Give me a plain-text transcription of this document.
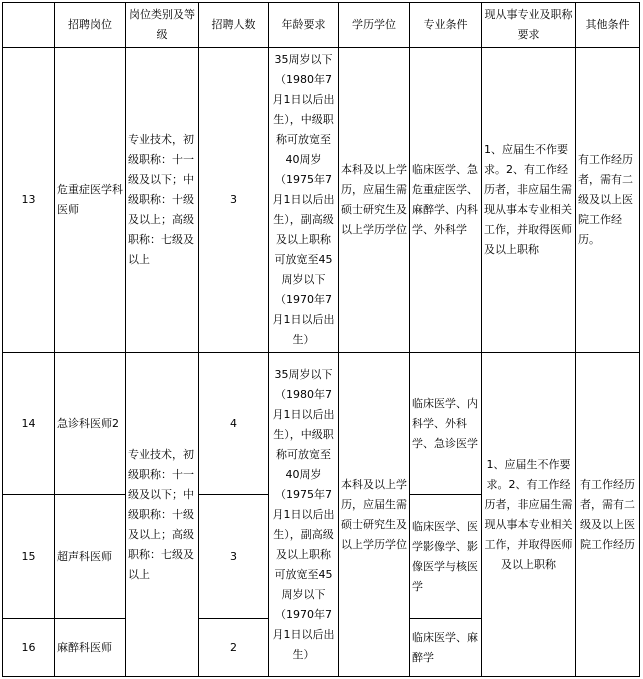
	招聘岗位	岗位类别及等级	招聘人数	年龄要求	学历学位	专业条件	现从事专业及职称要求	其他条件
13	危重症医学科医师	专业技术，初级职称：十一级及以下；中级职称：十级及以上；高级职称：七级及以上	3	35周岁以下（1980年7月1日以后出生），中级职称可放宽至40周岁（1975年7月1日以后出生），副高级及以上职称可放宽至45周岁以下（1970年7月1日以后出生）	本科及以上学历，应届生需硕士研究生及以上学历学位	临床医学、急危重症医学、麻醉学、内科学、外科学	1、应届生不作要求。2、有工作经历者，非应届生需现从事本专业相关工作，并取得医师及以上职称	有工作经历者，需有二级及以上医院工作经历。
14	急诊科医师2	专业技术，初级职称：十一级及以下；中级职称：十级及以上；高级职称：七级及以上	4	35周岁以下（1980年7月1日以后出生），中级职称可放宽至40周岁（1975年7月1日以后出生），副高级及以上职称可放宽至45周岁以下（1970年7月1日以后出生）	本科及以上学历，应届生需硕士研究生及以上学历学位	临床医学、内科学、外科学、急诊医学	1、应届生不作要求。2、有工作经历者，非应届生需现从事本专业相关工作，并取得医师及以上职称	有工作经历者，需有二级及以上医院工作经历
15	超声科医师		3			临床医学、医学影像学、影像医学与核医学		
16	麻醉科医师		2			临床医学、麻醉学		
